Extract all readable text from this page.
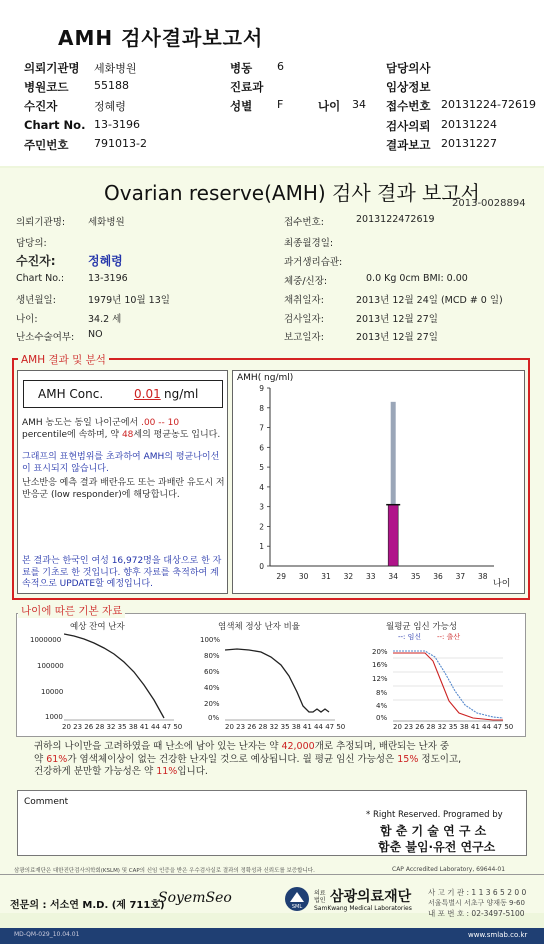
AMH 검사결과보고서
의뢰기관명 세화병원	병동 6	담당의사
병원코드 55188	진료과	임상정보
수진자	정혜령	성별 F	나이 34 접수번호 20131224-72619
Chart No. 13-3196	검사의뢰 20131224
주민번호 791013-2	결과보고 20131227
Ovarian reserve(AMH) 검사 결과 보고서
2013-0028894
의뢰기관명: 세화병원
담당의:
수진자:	정혜령
Chart No.:	13-3196
생년월일:	1979년 10월 13일
나이:	34.2 세
난소수술여부: NO
접수번호:	2013122472619
최종월경일:
과거생리습관:
체중/신장:	0.0 Kg 0cm BMI: 0.00
채취일자:	2013년 12월 24일 (MCD # 0 일)
검사일자:	2013년 12월 27일
보고일자:	2013년 12월 27일
AMH 결과 및 분석
AMH Conc.	0.01 ng/ml
AMH 농도는 동일 나이군에서 .00 -- 10 percentile에 속하며, 약 48세의 평균농도 입니다.
그래프의 표현범위를 초과하여 AMH의 평균나이선이 표시되지 않습니다.
난소반응 예측 결과 배란유도 또는 과배란 유도시 저반응군 (low responder)에 해당합니다.
본 결과는 한국인 여성 16,972명을 대상으로 한 자료를 기초로 한 것입니다. 향후 자료를 축적하여 계속적으로 UPDATE할 예정입니다.
AMH( ng/ml)
나이
0
1
2
3
4
5
6
7
8
9
29 30 31 32 33 34 35 36 37 38
나이에 따른 기본 자료
예상 잔여 난자
1000000
100000
10000
1000
20 23 26 28 32 35 38 41 44 47 50
염색체 정상 난자 비율
100%
80%
60%
40%
20%
0%
20 23 26 28 32 35 38 41 44 47 50
월평균 임신 가능성
--: 임신 --: 출산
20%
16%
12%
8%
4%
0%
20 23 26 28 32 35 38 41 44 47 50
귀하의 나이만을 고려하였을 때 난소에 남아 있는 난자는 약 42,000개로 추정되며, 배란되는 난자 중
약 61%가 염색체이상이 없는 건강한 난자일 것으로 예상됩니다. 월 평균 임신 가능성은 15% 정도이고,
건강하게 분만할 가능성은 약 11%입니다.
Comment
* Right Reserved. Programed by
함 춘 기 술 연 구 소
함춘 불임·유전 연구소
삼광의료재단은 대한진단검사의학회(KSLM) 및 CAP의 신임 인증을 받은 우수검사실로 결과의 정확성과 신뢰도를 보증합니다.	CAP Accredited Laboratory, 69644-01
전문의 : 서소연 M.D. (제 711호)
SoyemSeo
SML
의료법인 삼광의료재단
SamKwang Medical Laboratories
사 고 기 관 : 1 1 3 6 5 2 0 0
서울특별시 서초구 양재동 9-60
내 포 번 호 : 02-3497-5100
MD-QM-029_10.04.01	www.smlab.co.kr
